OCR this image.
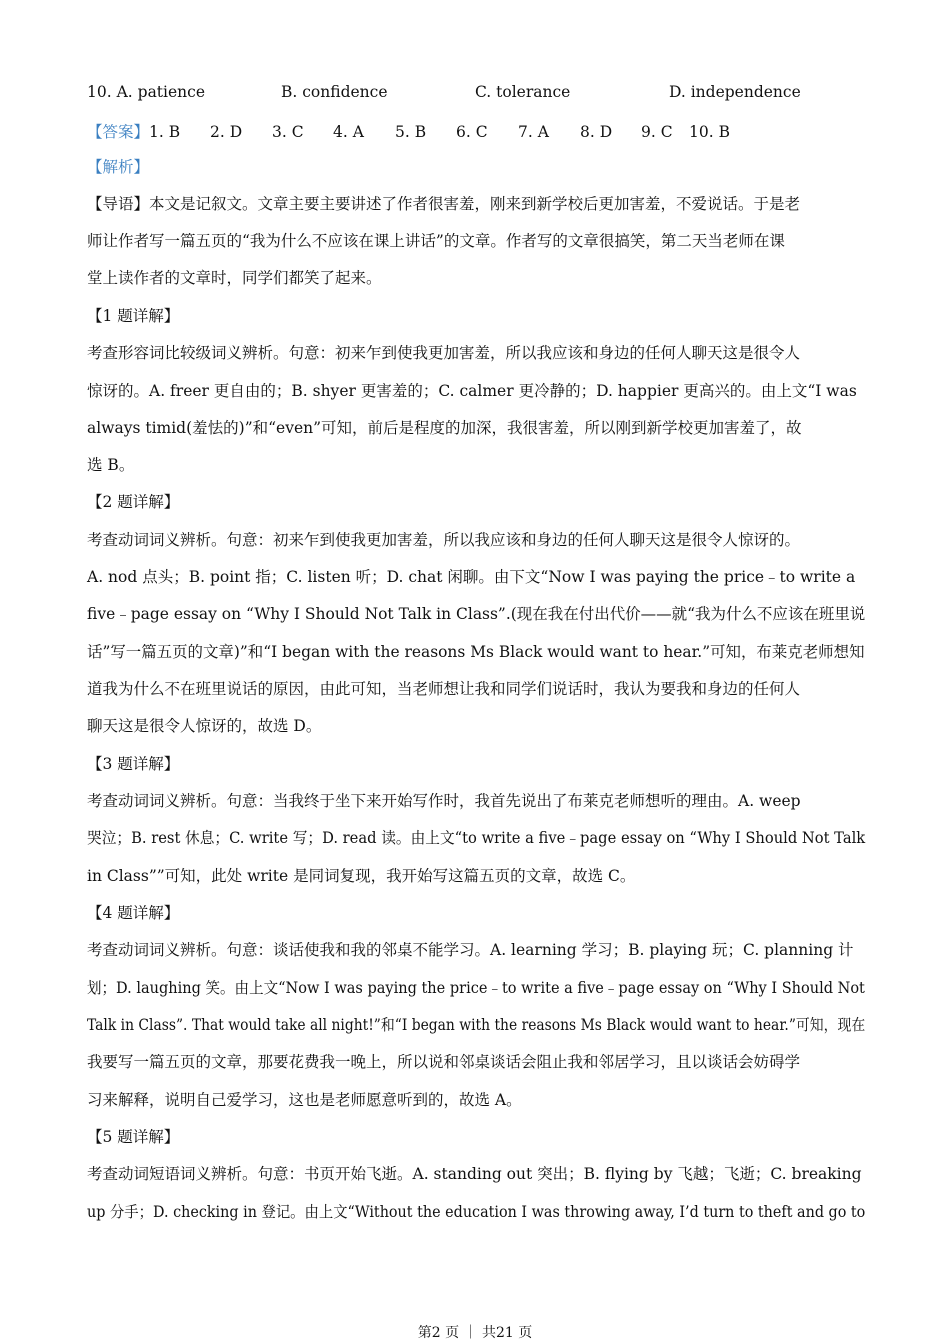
10. A. patience	B. confidence	C. tolerance	D. independence
【答案】1. B 2. D 3. C 4. A 5. B 6. C 7. A 8. D 9. C 10. B
【解析】
【导语】本文是记叙文。文章主要主要讲述了作者很害羞，刚来到新学校后更加害羞，不爱说话。于是老
师让作者写一篇五页的“我为什么不应该在课上讲话”的文章。作者写的文章很搞笑，第二天当老师在课
堂上读作者的文章时，同学们都笑了起来。
【1 题详解】
考查形容词比较级词义辨析。句意：初来乍到使我更加害羞，所以我应该和身边的任何人聊天这是很令人
惊讶的。A. freer 更自由的；B. shyer 更害羞的；C. calmer 更冷静的；D. happier 更高兴的。由上文“I was
always timid(羞怯的)”和“even”可知，前后是程度的加深，我很害羞，所以刚到新学校更加害羞了，故
选 B。
【2 题详解】
考查动词词义辨析。句意：初来乍到使我更加害羞，所以我应该和身边的任何人聊天这是很令人惊讶的。
A. nod 点头；B. point 指；C. listen 听；D. chat 闲聊。由下文“Now I was paying the price﹣to write a
five﹣page essay on “Why I Should Not Talk in Class”.(现在我在付出代价——就“我为什么不应该在班里说
话”写一篇五页的文章)”和“I began with the reasons Ms Black would want to hear.”可知，布莱克老师想知
道我为什么不在班里说话的原因，由此可知，当老师想让我和同学们说话时，我认为要我和身边的任何人
聊天这是很令人惊讶的，故选 D。
【3 题详解】
考查动词词义辨析。句意：当我终于坐下来开始写作时，我首先说出了布莱克老师想听的理由。A. weep
哭泣；B. rest 休息；C. write 写；D. read 读。由上文“to write a five﹣page essay on “Why I Should Not Talk
in Class””可知，此处 write 是同词复现，我开始写这篇五页的文章，故选 C。
【4 题详解】
考查动词词义辨析。句意：谈话使我和我的邻桌不能学习。A. learning 学习；B. playing 玩；C. planning 计
划；D. laughing 笑。由上文“Now I was paying the price﹣to write a five﹣page essay on “Why I Should Not
Talk in Class”. That would take all night!”和“I began with the reasons Ms Black would want to hear.”可知，现在
我要写一篇五页的文章，那要花费我一晚上，所以说和邻桌谈话会阻止我和邻居学习，且以谈话会妨碍学
习来解释，说明自己爱学习，这也是老师愿意听到的，故选 A。
【5 题详解】
考查动词短语词义辨析。句意：书页开始飞逝。A. standing out 突出；B. flying by 飞越；飞逝；C. breaking
up 分手；D. checking in 登记。由上文“Without the education I was throwing away, I’d turn to theft and go to
第2 页 ｜ 共21 页
